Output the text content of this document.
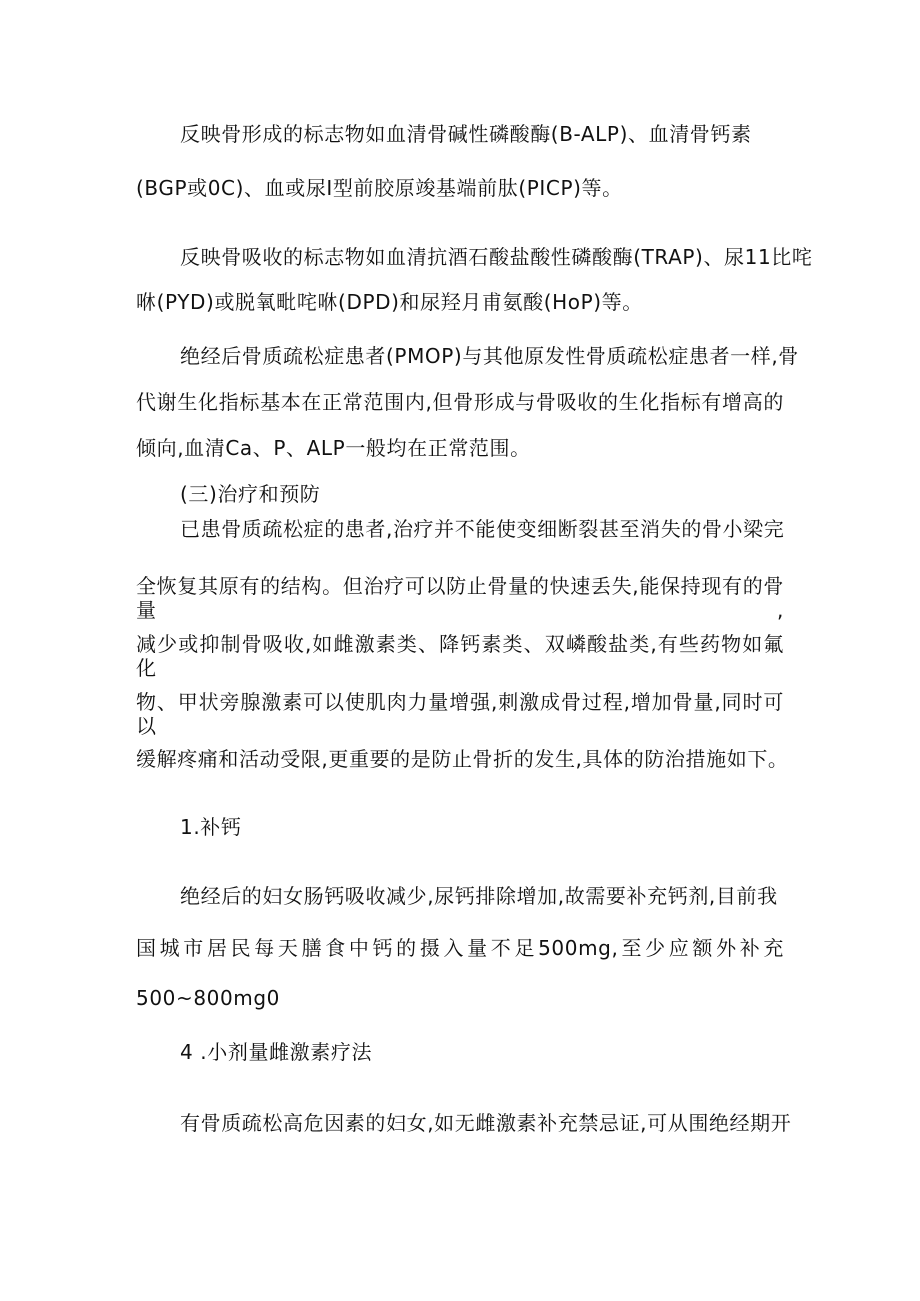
反映骨形成的标志物如血清骨碱性磷酸酶(B-ALP)、血清骨钙素
(BGP或0C)、血或尿I型前胶原竣基端前肽(PICP)等。
反映骨吸收的标志物如血清抗酒石酸盐酸性磷酸酶(TRAP)、尿11比咤
咻(PYD)或脱氧毗咤咻(DPD)和尿羟月甫氨酸(HoP)等。
绝经后骨质疏松症患者(PMOP)与其他原发性骨质疏松症患者一样,骨
代谢生化指标基本在正常范围内,但骨形成与骨吸收的生化指标有增高的
倾向,血清Ca、P、ALP一般均在正常范围。
(三)治疗和预防
已患骨质疏松症的患者,治疗并不能使变细断裂甚至消失的骨小梁完
全恢复其原有的结构。但治疗可以防止骨量的快速丢失,能保持现有的骨量,
减少或抑制骨吸收,如雌激素类、降钙素类、双嶙酸盐类,有些药物如氟化
物、甲状旁腺激素可以使肌肉力量增强,刺激成骨过程,增加骨量,同时可以
缓解疼痛和活动受限,更重要的是防止骨折的发生,具体的防治措施如下。
1.补钙
绝经后的妇女肠钙吸收减少,尿钙排除增加,故需要补充钙剂,目前我
国城市居民每天膳食中钙的摄入量不足500mg,至少应额外补充
500~800mg0
4 .小剂量雌激素疗法
有骨质疏松高危因素的妇女,如无雌激素补充禁忌证,可从围绝经期开
